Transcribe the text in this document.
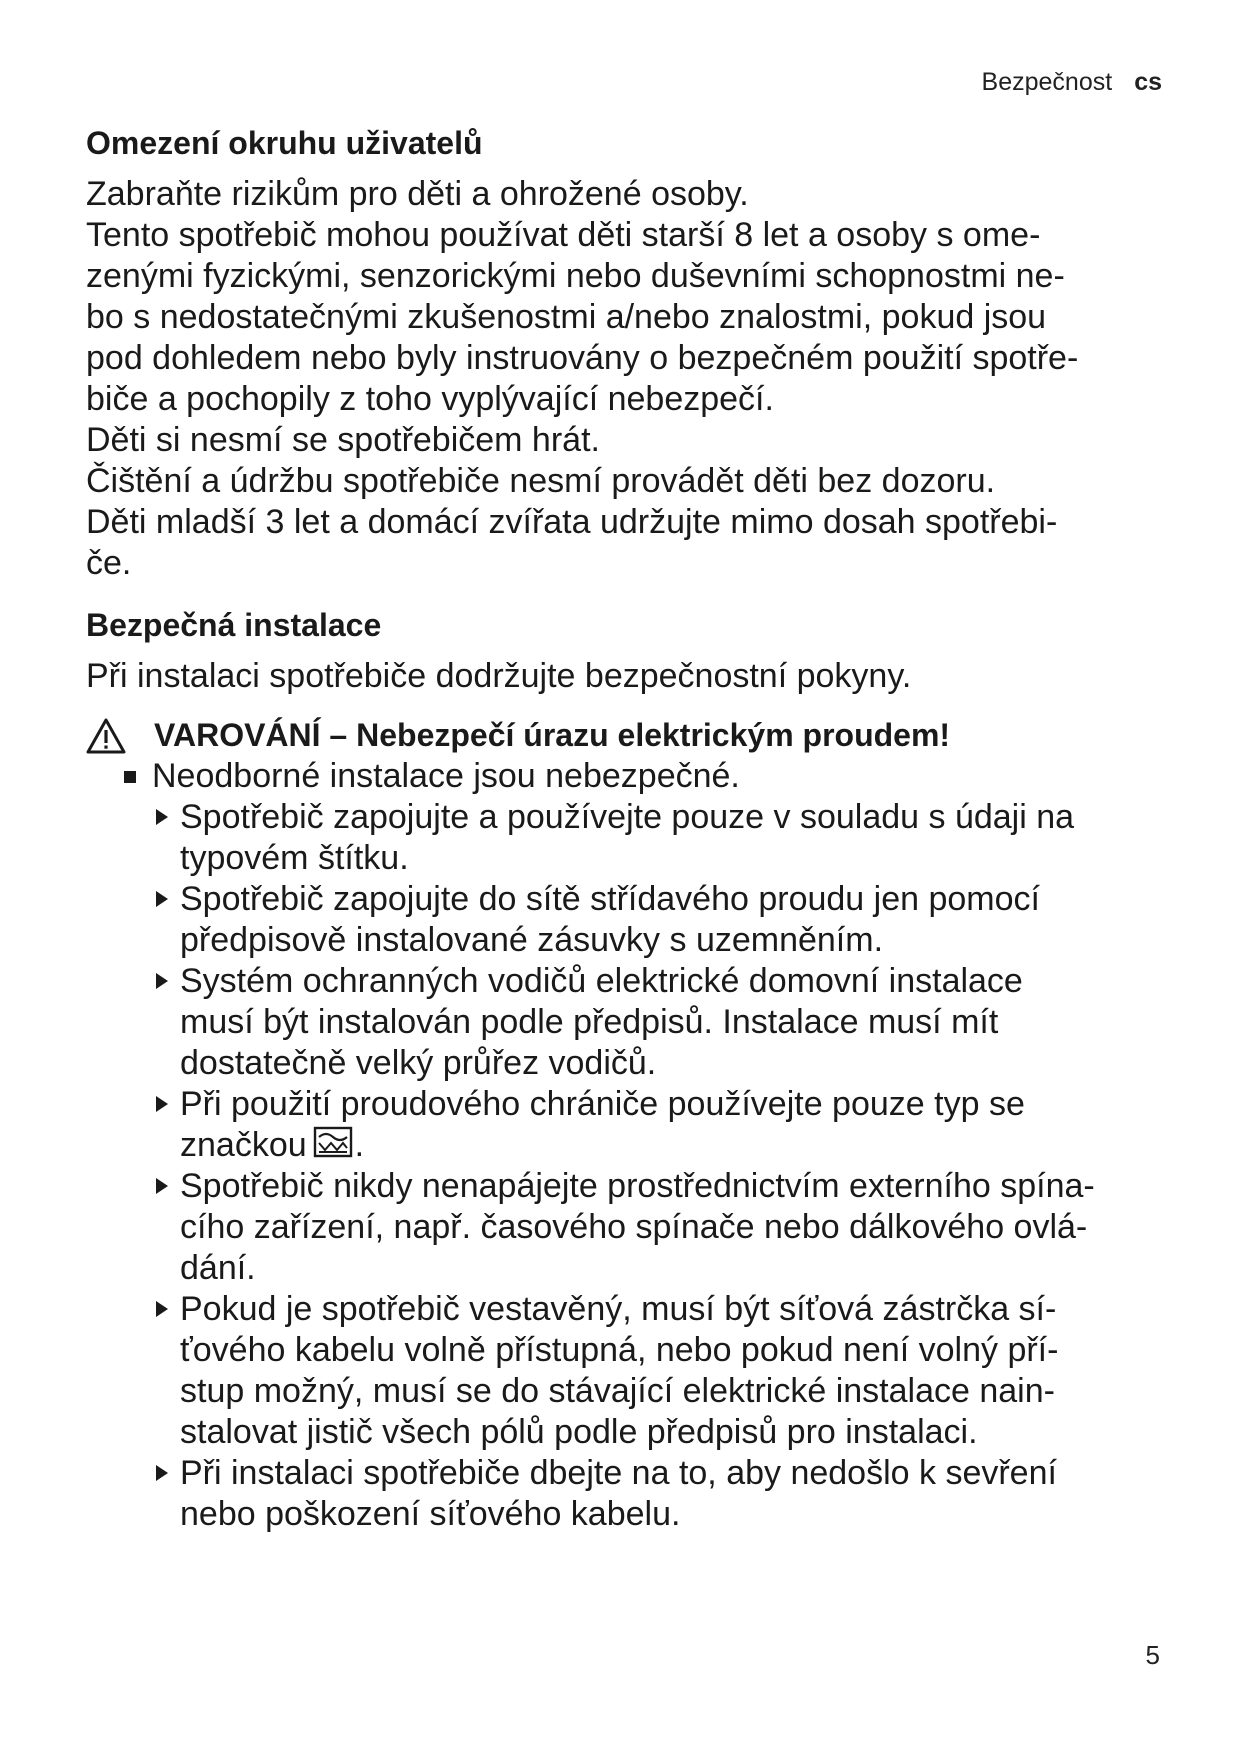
Bezpečnost cs
Omezení okruhu uživatelů

Zabraňte rizikům pro děti a ohrožené osoby.
Tento spotřebič mohou používat děti starší 8 let a osoby s ome-
zenými fyzickými, senzorickými nebo duševními schopnostmi ne-
bo s nedostatečnými zkušenostmi a/nebo znalostmi, pokud jsou
pod dohledem nebo byly instruovány o bezpečném použití spotře-
biče a pochopily z toho vyplývající nebezpečí.
Děti si nesmí se spotřebičem hrát.
Čištění a údržbu spotřebiče nesmí provádět děti bez dozoru.
Děti mladší 3 let a domácí zvířata udržujte mimo dosah spotřebi-
če.

Bezpečná instalace

Při instalaci spotřebiče dodržujte bezpečnostní pokyny.

VAROVÁNÍ – Nebezpečí úrazu elektrickým proudem!
Neodborné instalace jsou nebezpečné.
Spotřebič zapojujte a používejte pouze v souladu s údaji na
typovém štítku.
Spotřebič zapojujte do sítě střídavého proudu jen pomocí
předpisově instalované zásuvky s uzemněním.
Systém ochranných vodičů elektrické domovní instalace
musí být instalován podle předpisů. Instalace musí mít
dostatečně velký průřez vodičů.
Při použití proudového chrániče používejte pouze typ se
značkou .
Spotřebič nikdy nenapájejte prostřednictvím externího spína-
cího zařízení, např. časového spínače nebo dálkového ovlá-
dání.
Pokud je spotřebič vestavěný, musí být síťová zástrčka sí-
ťového kabelu volně přístupná, nebo pokud není volný pří-
stup možný, musí se do stávající elektrické instalace nain-
stalovat jistič všech pólů podle předpisů pro instalaci.
Při instalaci spotřebiče dbejte na to, aby nedošlo k sevření
nebo poškození síťového kabelu.
5
